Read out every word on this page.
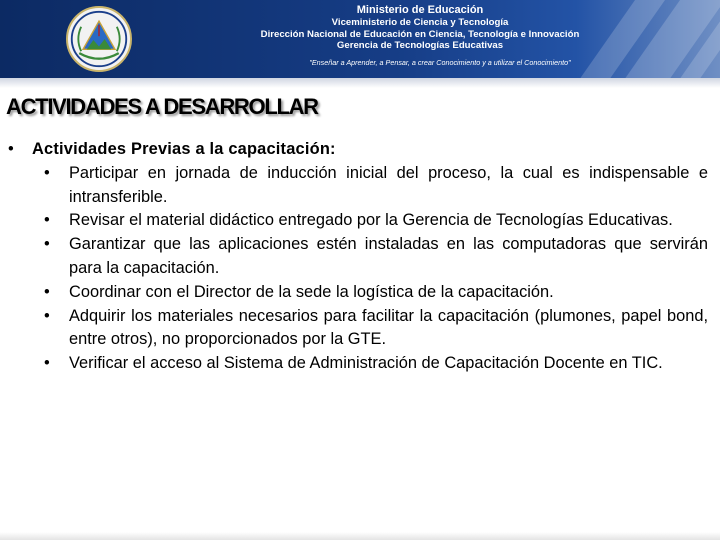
Ministerio de Educación
Viceministerio de Ciencia y Tecnología
Dirección Nacional de Educación en Ciencia, Tecnología e Innovación
Gerencia de Tecnologías Educativas
"Enseñar a Aprender, a Pensar, a crear Conocimiento y a utilizar el Conocimiento"
ACTIVIDADES A DESARROLLAR
• Actividades Previas a la capacitación:
• Participar en jornada de inducción inicial del proceso, la cual es indispensable e intransferible.
• Revisar el material didáctico entregado por la Gerencia de Tecnologías Educativas.
• Garantizar que las aplicaciones estén instaladas en las computadoras que servirán para la capacitación.
• Coordinar con el Director de la sede la logística de la capacitación.
• Adquirir los materiales necesarios para facilitar la capacitación (plumones, papel bond, entre otros), no proporcionados por la GTE.
• Verificar el acceso al Sistema de Administración de Capacitación Docente en TIC.
